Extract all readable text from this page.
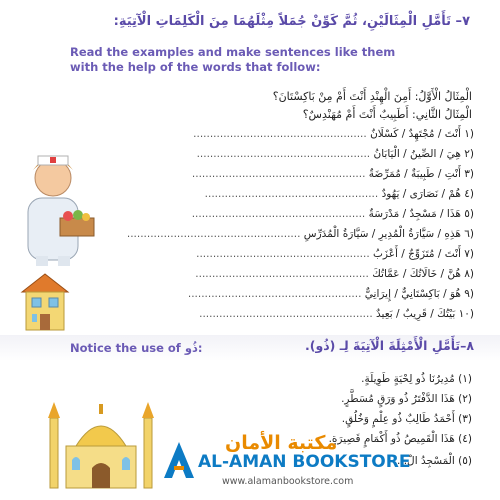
٧– تَأَمَّلِ الْمِثَالَيْنِ، ثُمَّ كَوِّنْ جُمَلاً مِثْلَهُمَا مِنَ الْكَلِمَاتِ الْآتِيَةِ:
Read the examples and make sentences like them with the help of the words that follow:
الْمِثَالُ الْأَوَّلُ: أَمِنَ الْهِنْدِ أَنْتَ أَمْ مِنْ بَاكِسْتَانَ؟
الْمِثَالُ الثَّانِي: أَطَبِيبٌ أَنْتَ أَمْ مُهَنْدِسٌ؟
(١ أَنْتَ / مُجْتَهِدٌ / كَسْلَانٌ ....................................................
(٢ هِيَ / الصِّينُ / الْيَابَانُ ....................................................
(٣ أَنْتِ / طَبِيبَةٌ / مُمَرِّضَةٌ ....................................................
(٤ هُمْ / نَصَارَى / يَهُودٌ ....................................................
(٥ هَذَا / مَسْجِدٌ / مَدْرَسَةٌ ....................................................
(٦ هَذِهِ / سَيَّارَةُ الْمُدِيرِ / سَيَّارَةُ الْمُدَرِّسِ ....................................................
(٧ أَنْتَ / مُتَزَوِّجٌ / أَعْزَبُ ....................................................
(٨ هُنَّ / خَالَاتُكَ / عَمَّاتُكَ ....................................................
(٩ هُوَ / بَاكِسْتَانِيٌّ / إِيرَانِيٌّ ....................................................
(١٠ بَيْتُكَ / قَرِيبٌ / بَعِيدٌ ....................................................
Notice the use of ذُو:	٨–تَأَمَّلِ الْأَمْثِلَةَ الْآتِيَةَ لِـ (ذُو).
(١) مُدِيرُنَا ذُو لِحْيَةٍ طَوِيلَةٍ.
(٢) هَذَا الدَّفْتَرُ ذُو وَرَقٍ مُسَطَّرٍ.
(٣) أَحْمَدُ طَالِبٌ ذُو عِلْمٍ وَخُلُقٍ.
(٤) هَذَا الْقَمِيصُ ذُو أَكْمَامٍ قَصِيرَةٍ.
(٥) الْمَسْجِدُ الْ...
مكتبة الأمان
AL-AMAN BOOKSTORE
www.alamanbookstore.com
